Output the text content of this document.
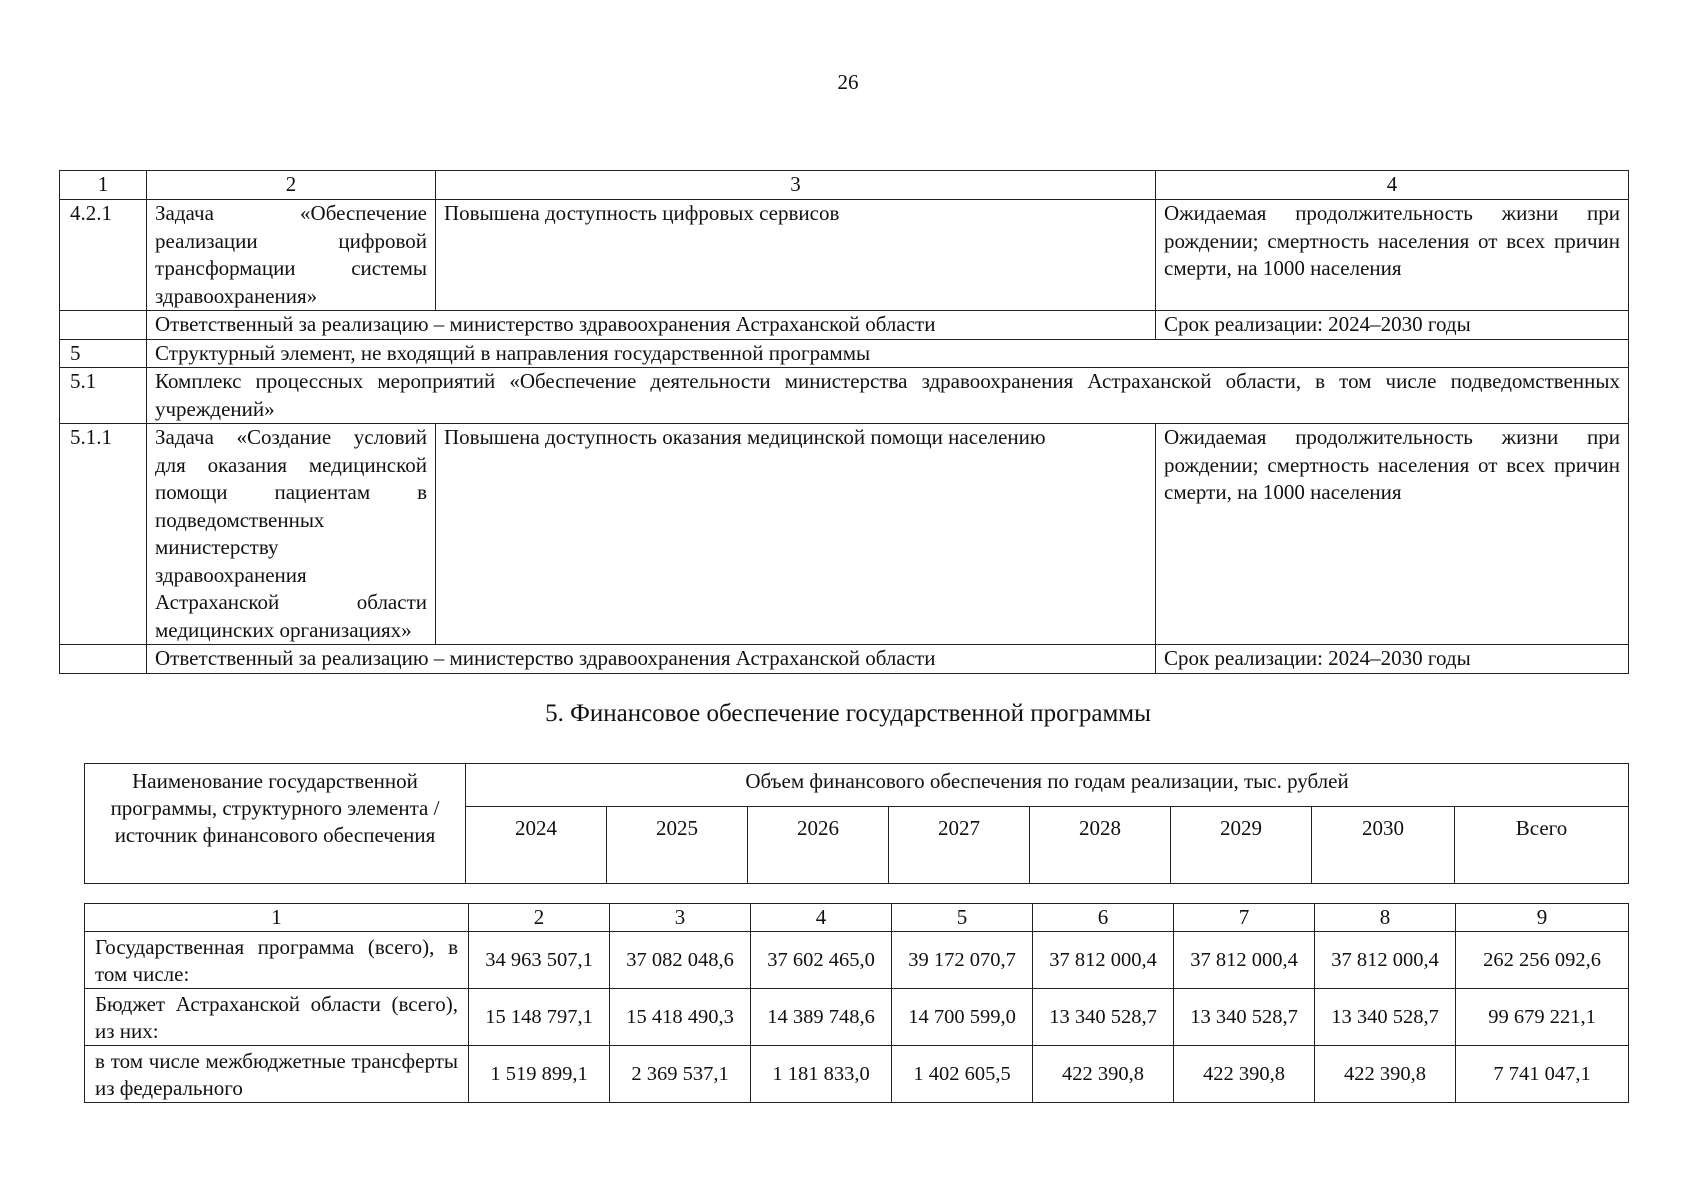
26
1	2	3	4
4.2.1	Задача «Обеспечение реализации цифровой трансформации системы здравоохранения»	Повышена доступность цифровых сервисов	Ожидаемая продолжительность жизни при рождении; смертность населения от всех причин смерти, на 1000 населения
	Ответственный за реализацию – министерство здравоохранения Астраханской области		Срок реализации: 2024–2030 годы
5	Структурный элемент, не входящий в направления государственной программы		
5.1	Комплекс процессных мероприятий «Обеспечение деятельности министерства здравоохранения Астраханской области, в том числе подведомственных учреждений»		
5.1.1	Задача «Создание условий для оказания медицинской помощи пациентам в подведомственных министерству здравоохранения Астраханской области медицинских организациях»	Повышена доступность оказания медицинской помощи населению	Ожидаемая продолжительность жизни при рождении; смертность населения от всех причин смерти, на 1000 населения
	Ответственный за реализацию – министерство здравоохранения Астраханской области		Срок реализации: 2024–2030 годы
5. Финансовое обеспечение государственной программы
Наименование государственной программы, структурного элемента / источник финансового обеспечения	Объем финансового обеспечения по годам реализации, тыс. рублей							
	2024	2025	2026	2027	2028	2029	2030	Всего
1	2	3	4	5	6	7	8	9
Государственная программа (всего), в том числе:	34 963 507,1	37 082 048,6	37 602 465,0	39 172 070,7	37 812 000,4	37 812 000,4	37 812 000,4	262 256 092,6
Бюджет Астраханской области (всего), из них:	15 148 797,1	15 418 490,3	14 389 748,6	14 700 599,0	13 340 528,7	13 340 528,7	13 340 528,7	99 679 221,1

в том числе межбюджетные трансферты из федерального	1 519 899,1	2 369 537,1	1 181 833,0	1 402 605,5	422 390,8	422 390,8	422 390,8	7 741 047,1
